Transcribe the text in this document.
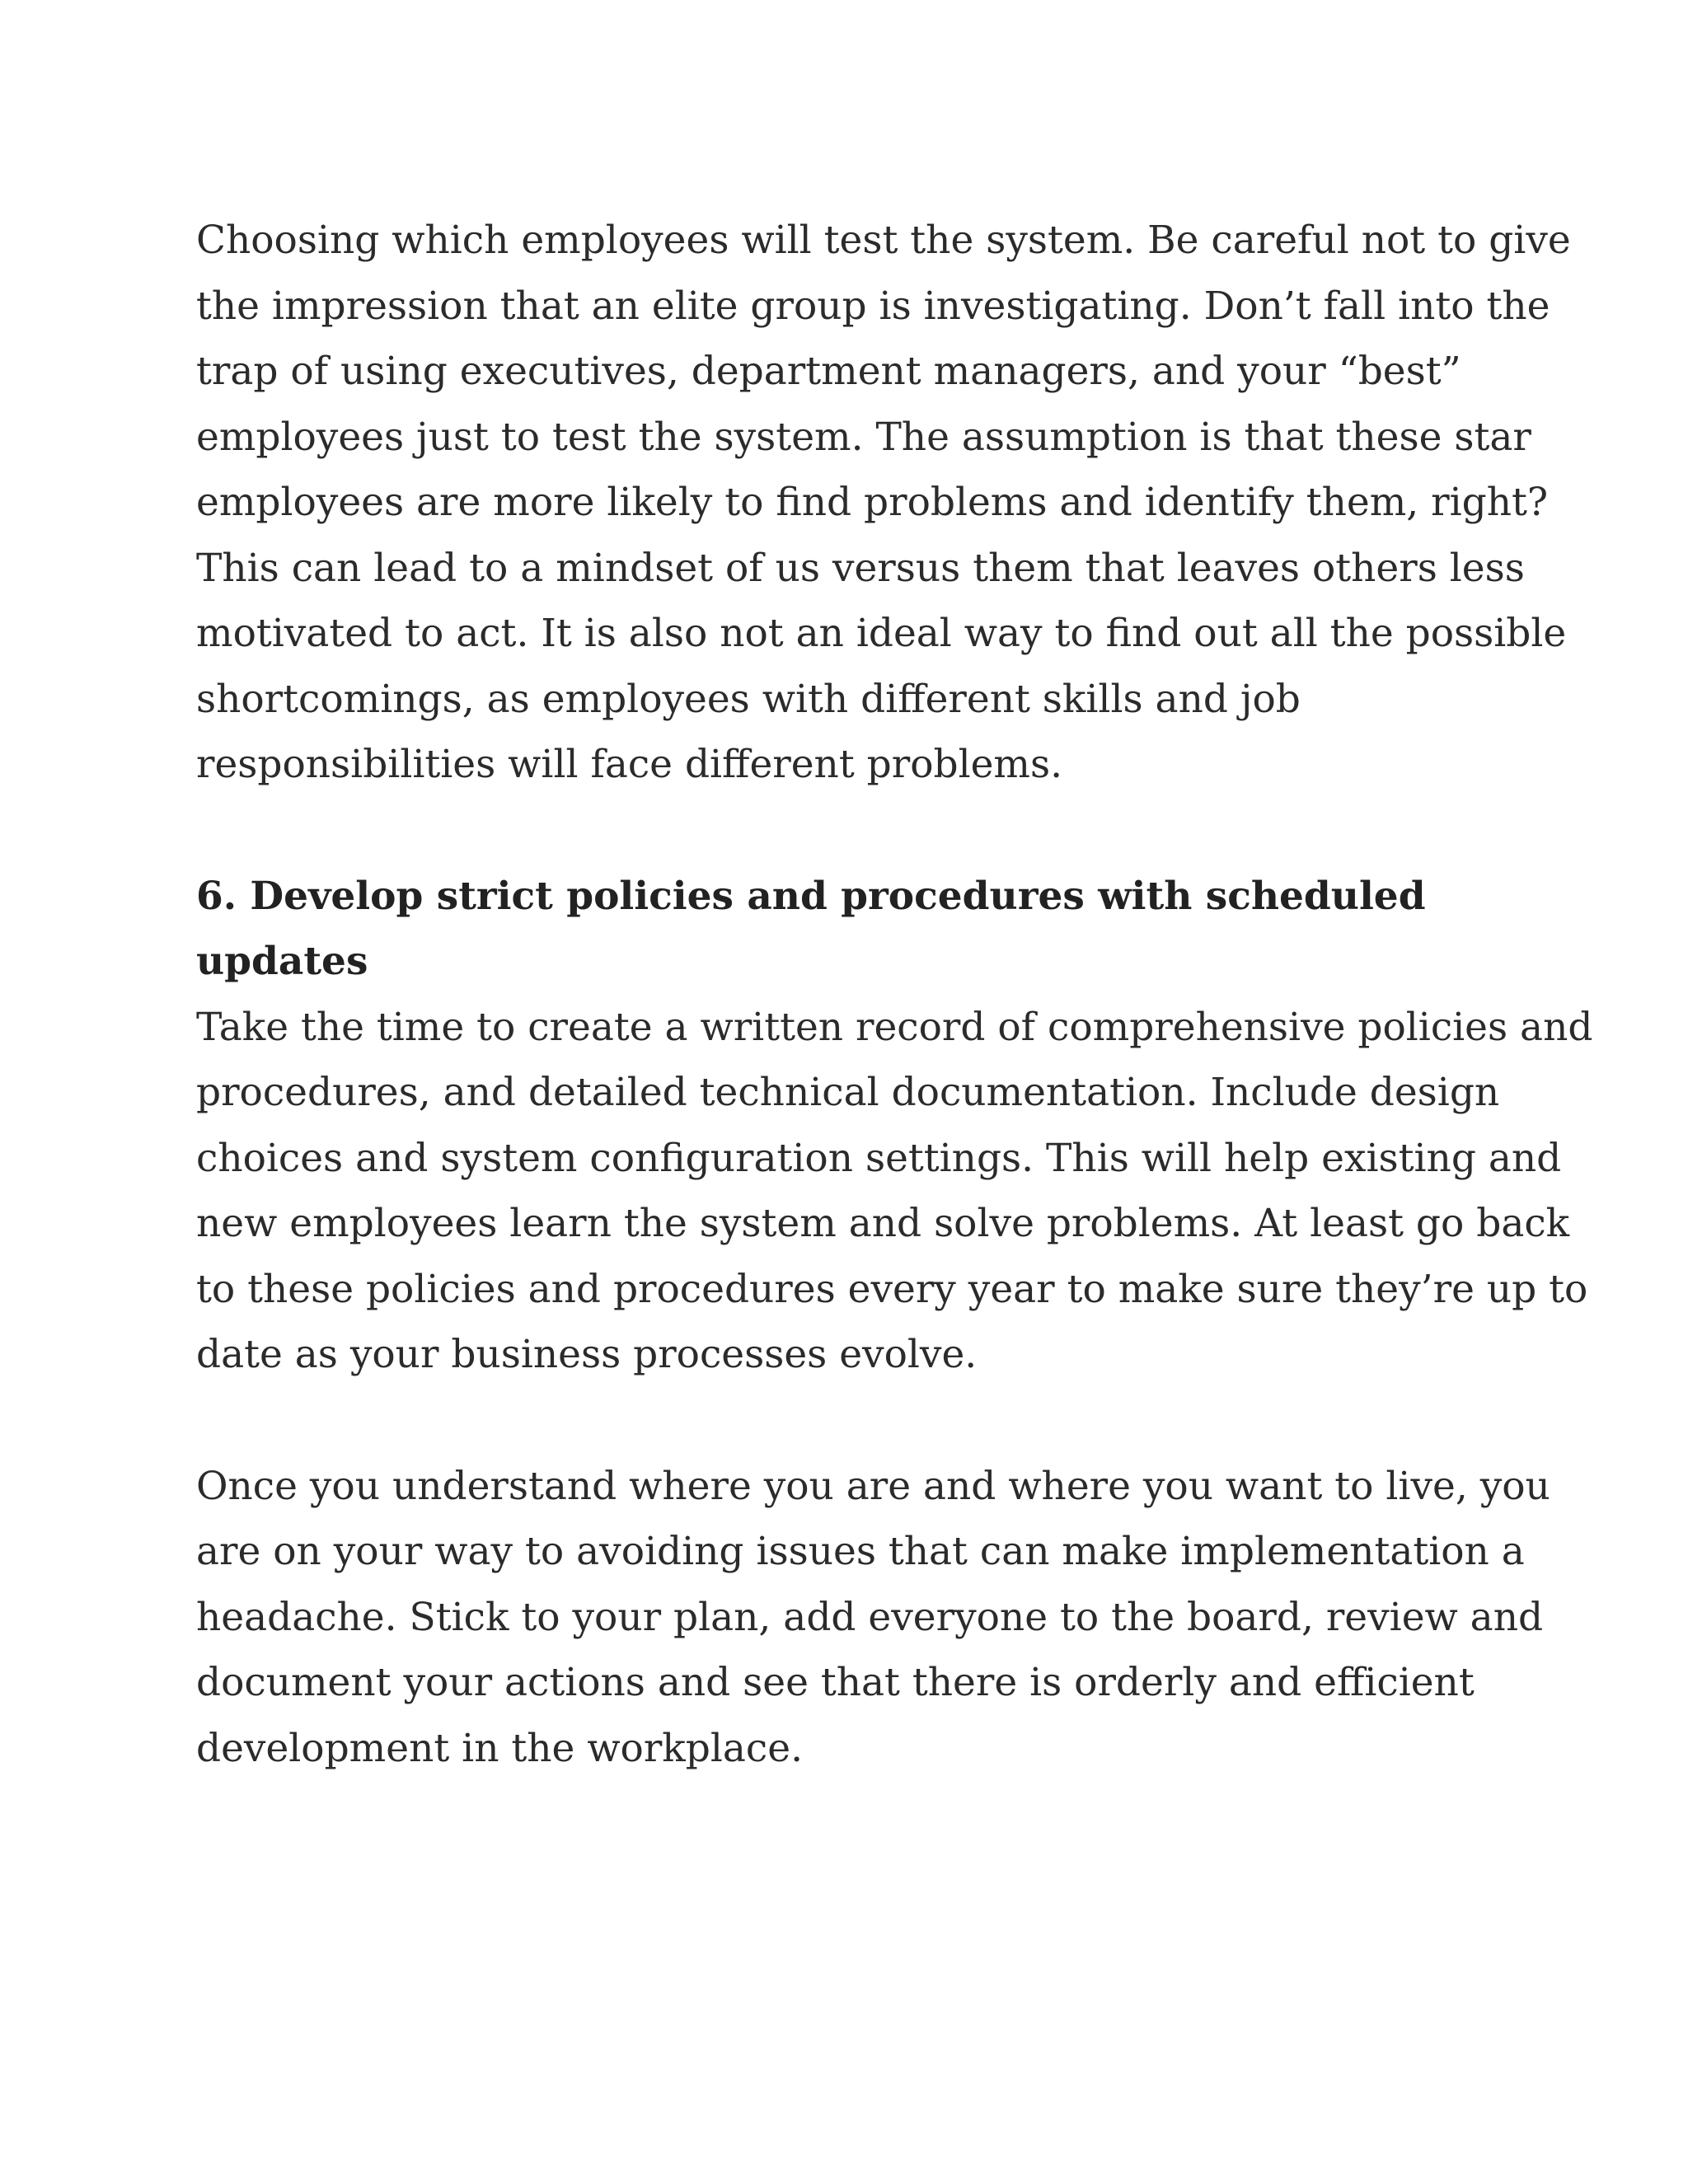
Choosing which employees will test the system. Be careful not to give
the impression that an elite group is investigating. Don’t fall into the
trap of using executives, department managers, and your “best”
employees just to test the system. The assumption is that these star
employees are more likely to find problems and identify them, right?
This can lead to a mindset of us versus them that leaves others less
motivated to act. It is also not an ideal way to find out all the possible
shortcomings, as employees with different skills and job
responsibilities will face different problems.

6. Develop strict policies and procedures with scheduled
updates

Take the time to create a written record of comprehensive policies and
procedures, and detailed technical documentation. Include design
choices and system configuration settings. This will help existing and
new employees learn the system and solve problems. At least go back
to these policies and procedures every year to make sure they’re up to
date as your business processes evolve.

Once you understand where you are and where you want to live, you
are on your way to avoiding issues that can make implementation a
headache. Stick to your plan, add everyone to the board, review and
document your actions and see that there is orderly and efficient
development in the workplace.
